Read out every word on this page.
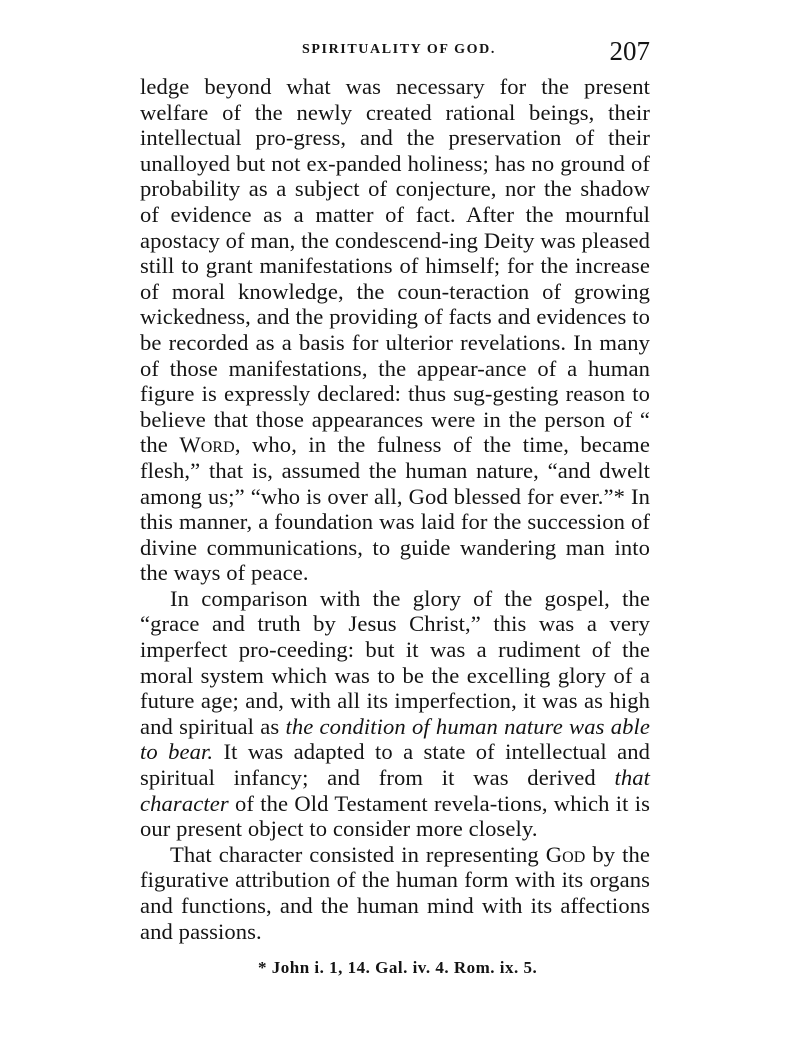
SPIRITUALITY OF GOD.	207

ledge beyond what was necessary for the present welfare of the newly created rational beings, their intellectual pro-gress, and the preservation of their unalloyed but not ex-panded holiness; has no ground of probability as a subject of conjecture, nor the shadow of evidence as a matter of fact. After the mournful apostacy of man, the condescend-ing Deity was pleased still to grant manifestations of himself; for the increase of moral knowledge, the coun-teraction of growing wickedness, and the providing of facts and evidences to be recorded as a basis for ulterior revelations. In many of those manifestations, the appear-ance of a human figure is expressly declared: thus sug-gesting reason to believe that those appearances were in the person of “ the Word, who, in the fulness of the time, became flesh,” that is, assumed the human nature, “and dwelt among us;” “who is over all, God blessed for ever.”* In this manner, a foundation was laid for the succession of divine communications, to guide wandering man into the ways of peace.

In comparison with the glory of the gospel, the “grace and truth by Jesus Christ,” this was a very imperfect pro-ceeding: but it was a rudiment of the moral system which was to be the excelling glory of a future age; and, with all its imperfection, it was as high and spiritual as the condition of human nature was able to bear. It was adapted to a state of intellectual and spiritual infancy; and from it was derived that character of the Old Testament revela-tions, which it is our present object to consider more closely.

That character consisted in representing God by the figurative attribution of the human form with its organs and functions, and the human mind with its affections and passions.

* John i. 1, 14. Gal. iv. 4. Rom. ix. 5.
